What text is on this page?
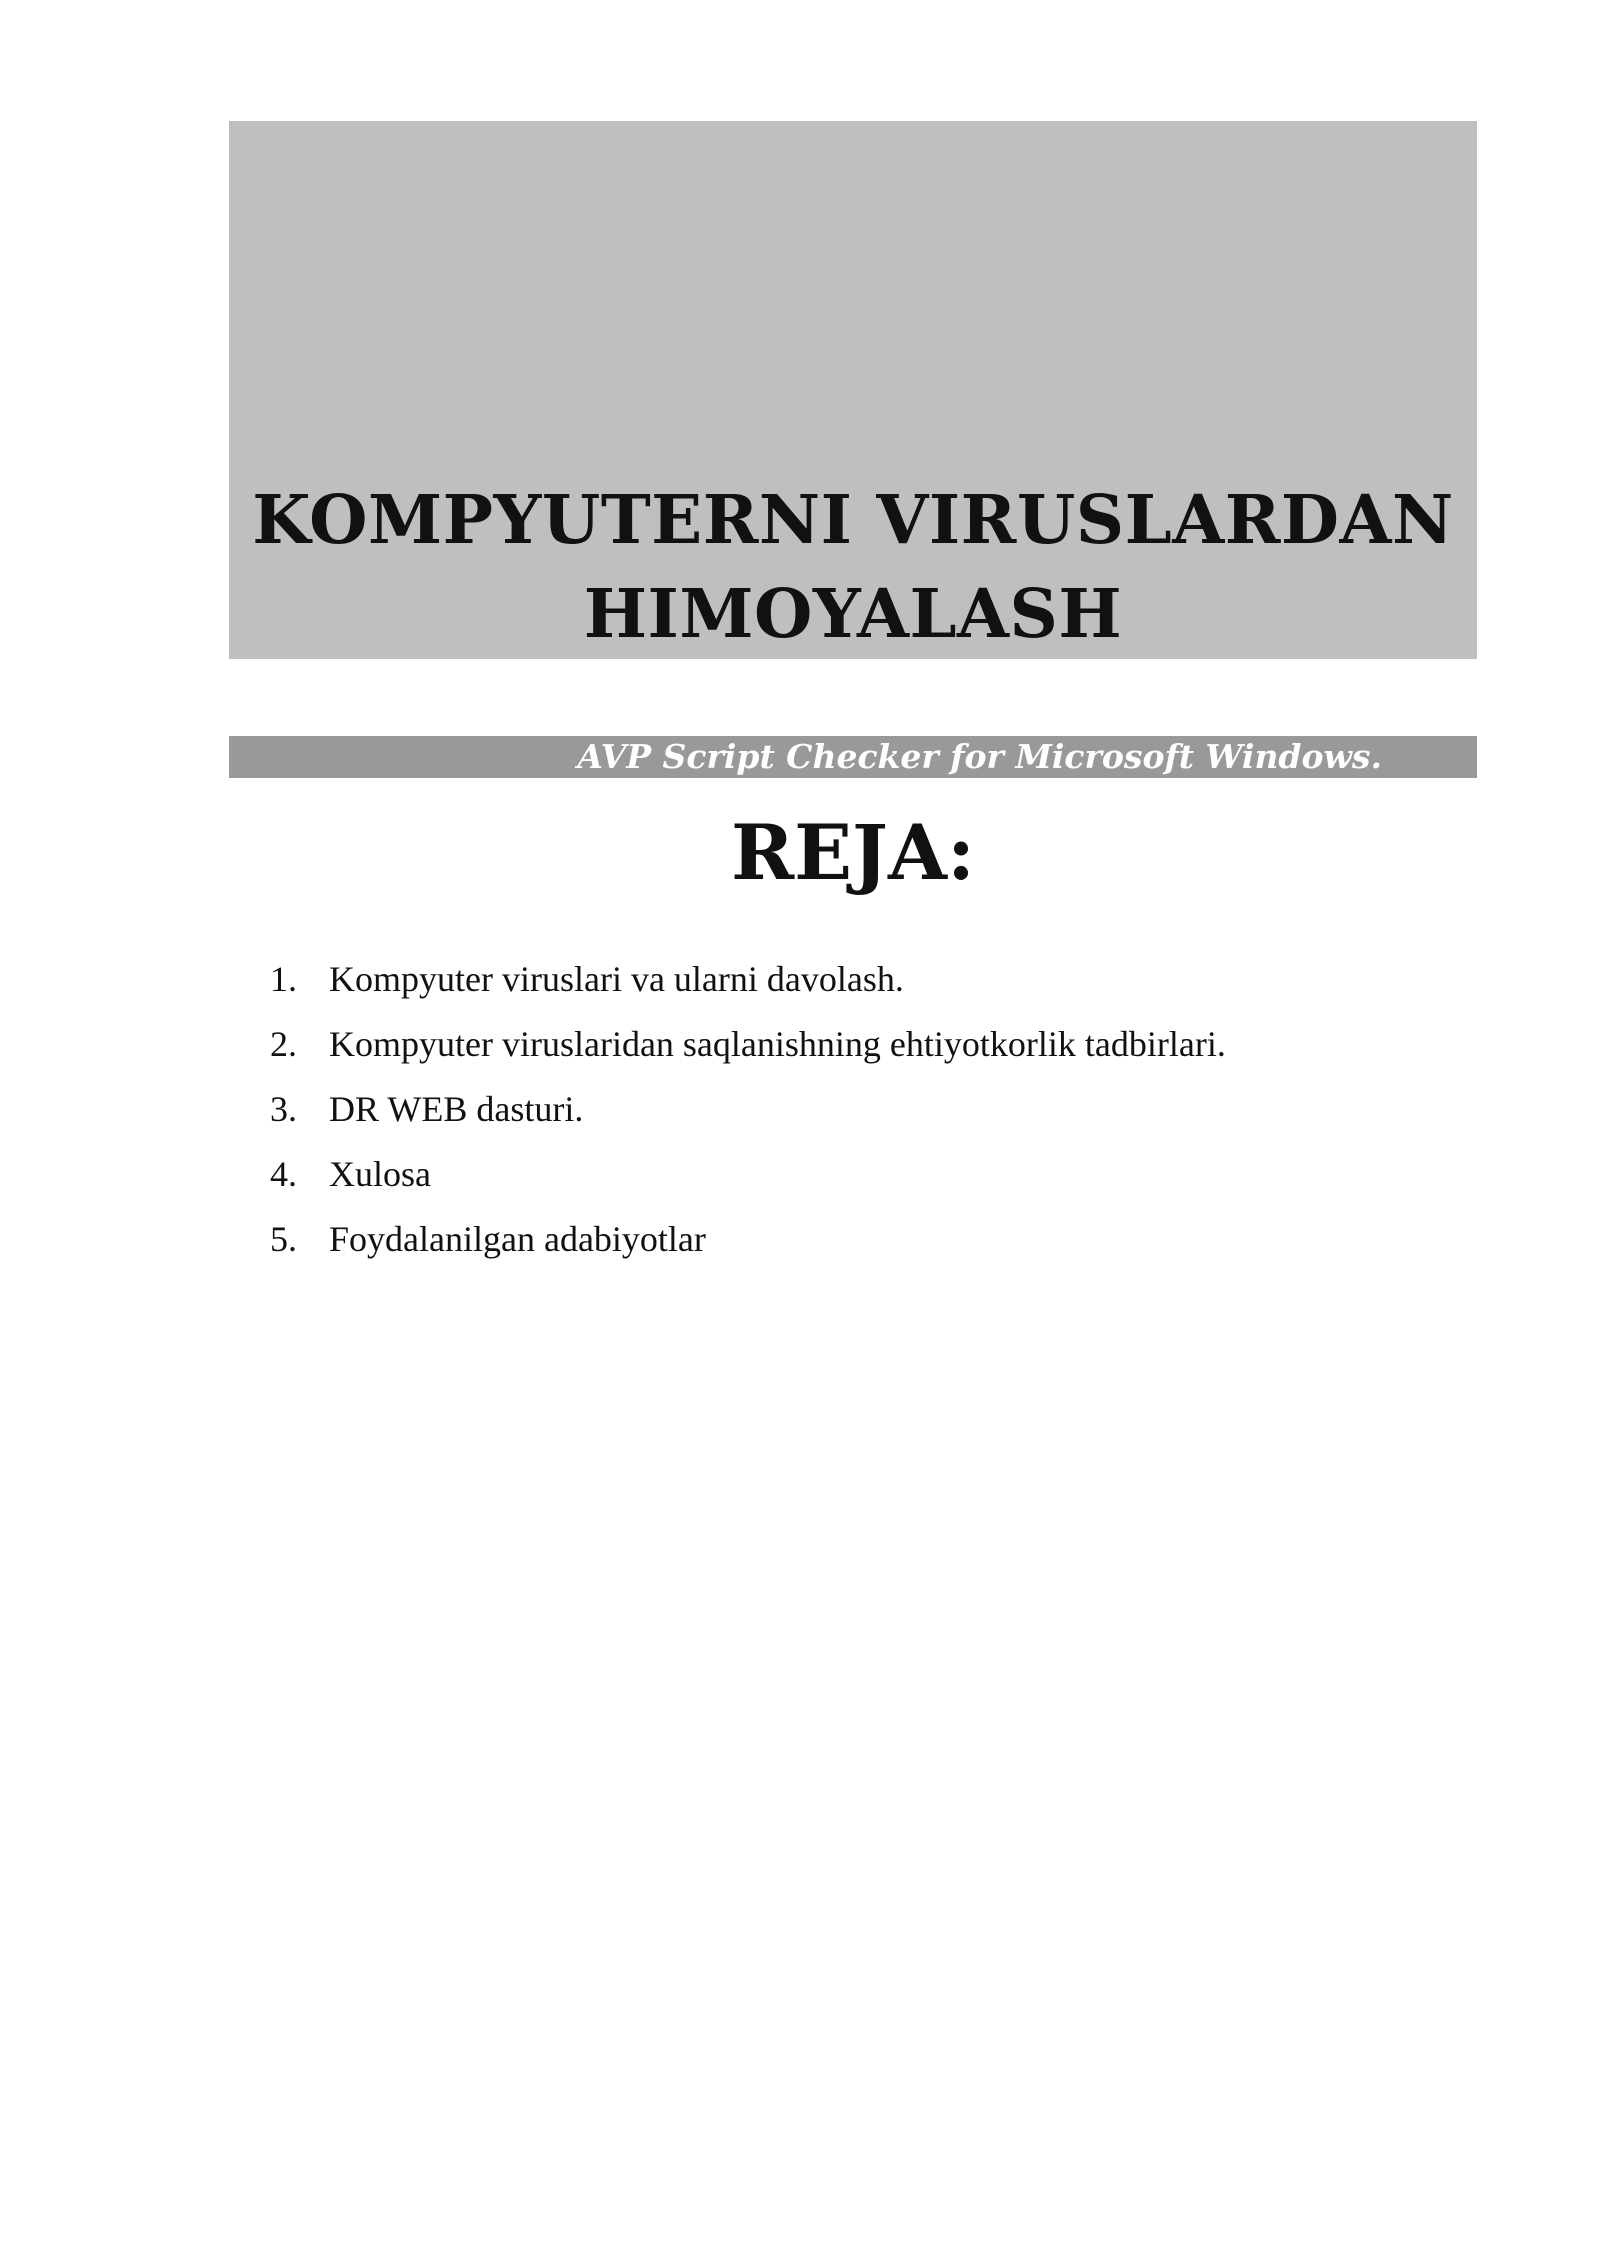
KOMPYUTERNI VIRUSLARDAN
HIMOYALASH
AVP Script Checker for Microsoft Windows.
REJA:
1. Kompyuter viruslari va ularni davolash.
2. Kompyuter viruslaridan saqlanishning ehtiyotkorlik tadbirlari.
3. DR WEB dasturi.
4. Xulosa
5. Foydalanilgan adabiyotlar
